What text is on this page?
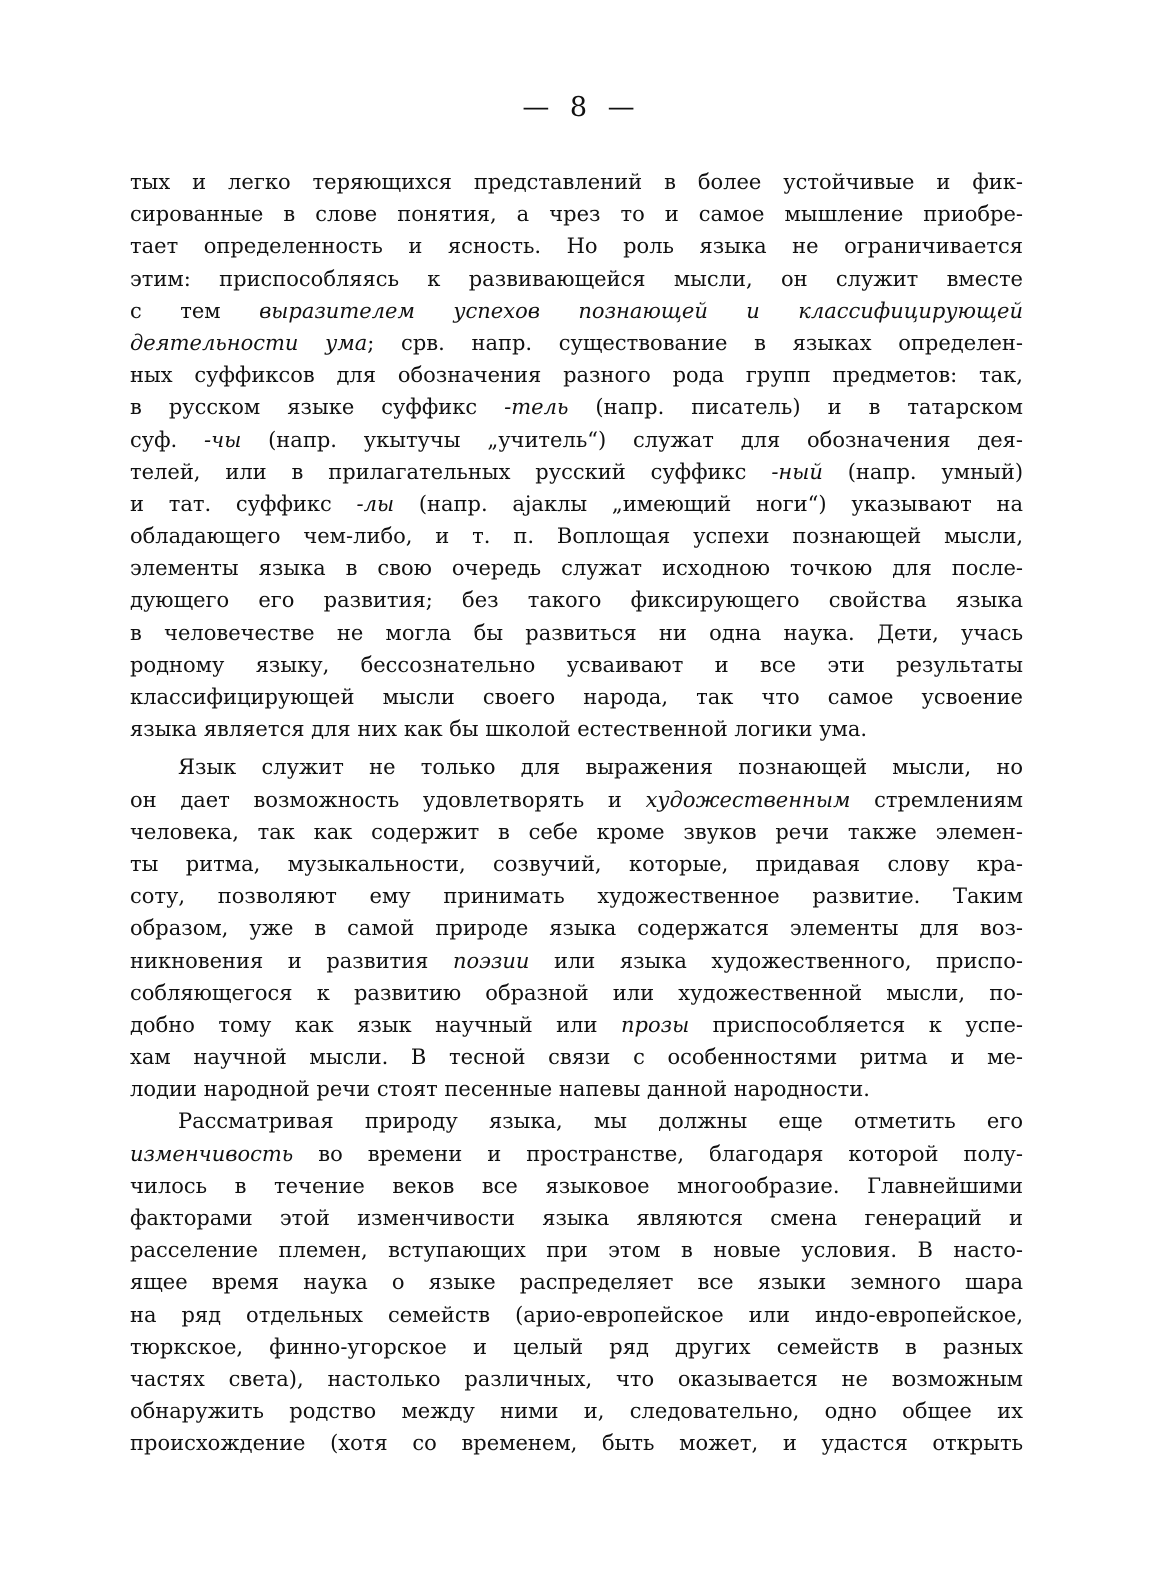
— 8 —
тых и легко теряющихся представлений в более устойчивые и фик-
сированные в слове понятия, а чрез то и самое мышление приобре-
тает определенность и ясность. Но роль языка не ограничивается
этим: приспособляясь к развивающейся мысли, он служит вместе
с тем выразителем успехов познающей и классифицирующей
деятельности ума; срв. напр. существование в языках определен-
ных суффиксов для обозначения разного рода групп предметов: так,
в русском языке суффикс -тель (напр. писатель) и в татарском
суф. -чы (напр. укытучы „учитель“) служат для обозначения дея-
телей, или в прилагательных русский суффикс -ный (напр. умный)
и тат. суффикс -лы (напр. ajaклы „имеющий ноги“) указывают на
обладающего чем-либо, и т. п. Воплощая успехи познающей мысли,
элементы языка в свою очередь служат исходною точкою для после-
дующего его развития; без такого фиксирующего свойства языка
в человечестве не могла бы развиться ни одна наука. Дети, учась
родному языку, бессознательно усваивают и все эти результаты
классифицирующей мысли своего народа, так что самое усвоение
языка является для них как бы школой естественной логики ума.
Язык служит не только для выражения познающей мысли, но
он дает возможность удовлетворять и художественным стремлениям
человека, так как содержит в себе кроме звуков речи также элемен-
ты ритма, музыкальности, созвучий, которые, придавая слову кра-
соту, позволяют ему принимать художественное развитие. Таким
образом, уже в самой природе языка содержатся элементы для воз-
никновения и развития поэзии или языка художественного, приспо-
собляющегося к развитию образной или художественной мысли, по-
добно тому как язык научный или прозы приспособляется к успе-
хам научной мысли. В тесной связи с особенностями ритма и ме-
лодии народной речи стоят песенные напевы данной народности.
Рассматривая природу языка, мы должны еще отметить его
изменчивость во времени и пространстве, благодаря которой полу-
чилось в течение веков все языковое многообразие. Главнейшими
факторами этой изменчивости языка являются смена генераций и
расселение племен, вступающих при этом в новые условия. В насто-
ящее время наука о языке распределяет все языки земного шара
на ряд отдельных семейств (арио-европейское или индо-европейское,
тюркское, финно-угорское и целый ряд других семейств в разных
частях света), настолько различных, что оказывается не возможным
обнаружить родство между ними и, следовательно, одно общее их
происхождение (хотя со временем, быть может, и удастся открыть
